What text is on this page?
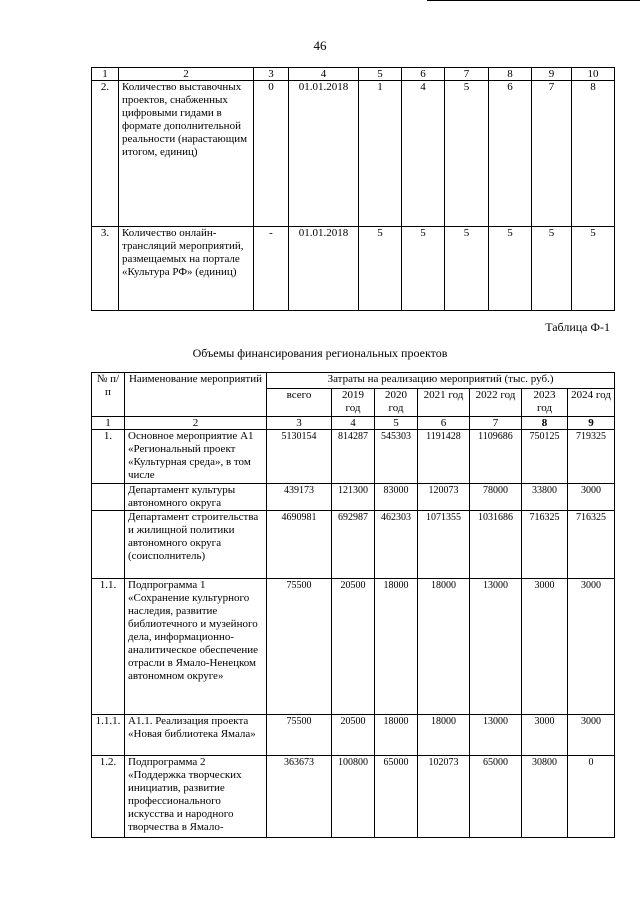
46
1	2	3	4	5	6	7	8	9	10
2.	Количество выставочных проектов, снабженных цифровыми гидами в формате дополнительной реальности (нарастающим итогом, единиц)	0	01.01.2018	1	4	5	6	7	8
3.	Количество онлайн-трансляций мероприятий, размещаемых на портале «Культура РФ» (единиц)	-	01.01.2018	5	5	5	5	5	5
Таблица Ф-1
Объемы финансирования региональных проектов
№ п/п	Наименование мероприятий	Затраты на реализацию мероприятий (тыс. руб.)						
		всего	2019 год	2020 год	2021 год	2022 год	2023 год	2024 год
1	2	3	4	5	6	7	8	9
1.	Основное мероприятие А1 «Региональный проект «Культурная среда», в том числе	5130154	814287	545303	1191428	1109686	750125	719325
	Департамент культуры автономного округа	439173	121300	83000	120073	78000	33800	3000
	Департамент строительства и жилищной политики автономного округа (соисполнитель)	4690981	692987	462303	1071355	1031686	716325	716325
1.1.	Подпрограмма 1 «Сохранение культурного наследия, развитие библиотечного и музейного дела, информационно-аналитическое обеспечение отрасли в Ямало-Ненецком автономном округе»	75500	20500	18000	18000	13000	3000	3000
1.1.1.	А1.1. Реализация проекта «Новая библиотека Ямала»	75500	20500	18000	18000	13000	3000	3000
1.2.	Подпрограмма 2 «Поддержка творческих инициатив, развитие профессионального искусства и народного творчества в Ямало-	363673	100800	65000	102073	65000	30800	0
